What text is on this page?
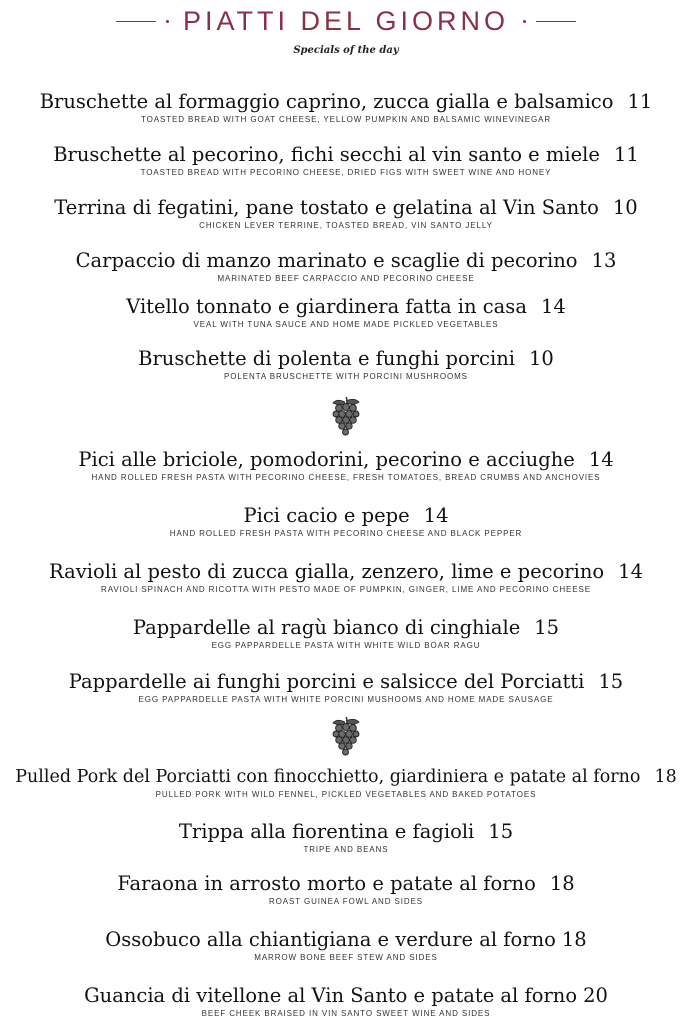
PIATTI DEL GIORNO
Specials of the day
Bruschette al formaggio caprino, zucca gialla e balsamico 11
TOASTED BREAD WITH GOAT CHEESE, YELLOW PUMPKIN AND BALSAMIC WINEVINEGAR
Bruschette al pecorino, fichi secchi al vin santo e miele 11
TOASTED BREAD WITH PECORINO CHEESE, DRIED FIGS WITH SWEET WINE AND HONEY
Terrina di fegatini, pane tostato e gelatina al Vin Santo 10
CHICKEN LEVER TERRINE, TOASTED BREAD, VIN SANTO JELLY
Carpaccio di manzo marinato e scaglie di pecorino 13
MARINATED BEEF CARPACCIO AND PECORINO CHEESE
Vitello tonnato e giardinera fatta in casa 14
VEAL WITH TUNA SAUCE AND HOME MADE PICKLED VEGETABLES
Bruschette di polenta e funghi porcini 10
POLENTA BRUSCHETTE WITH PORCINI MUSHROOMS
Pici alle briciole, pomodorini, pecorino e acciughe 14
HAND ROLLED FRESH PASTA WITH PECORINO CHEESE, FRESH TOMATOES, BREAD CRUMBS AND ANCHOVIES
Pici cacio e pepe 14
HAND ROLLED FRESH PASTA WITH PECORINO CHEESE AND BLACK PEPPER
Ravioli al pesto di zucca gialla, zenzero, lime e pecorino 14
RAVIOLI SPINACH AND RICOTTA WITH PESTO MADE OF PUMPKIN, GINGER, LIME AND PECORINO CHEESE
Pappardelle al ragù bianco di cinghiale 15
EGG PAPPARDELLE PASTA WITH WHITE WILD BOAR RAGU
Pappardelle ai funghi porcini e salsicce del Porciatti 15
EGG PAPPARDELLE PASTA WITH WHITE PORCINI MUSHOOMS AND HOME MADE SAUSAGE
Pulled Pork del Porciatti con finocchietto, giardiniera e patate al forno 18
PULLED PORK WITH WILD FENNEL, PICKLED VEGETABLES AND BAKED POTATOES
Trippa alla fiorentina e fagioli 15
TRIPE AND BEANS
Faraona in arrosto morto e patate al forno 18
ROAST GUINEA FOWL AND SIDES
Ossobuco alla chiantigiana e verdure al forno 18
MARROW BONE BEEF STEW AND SIDES
Guancia di vitellone al Vin Santo e patate al forno 20
BEEF CHEEK BRAISED IN VIN SANTO SWEET WINE AND SIDES
